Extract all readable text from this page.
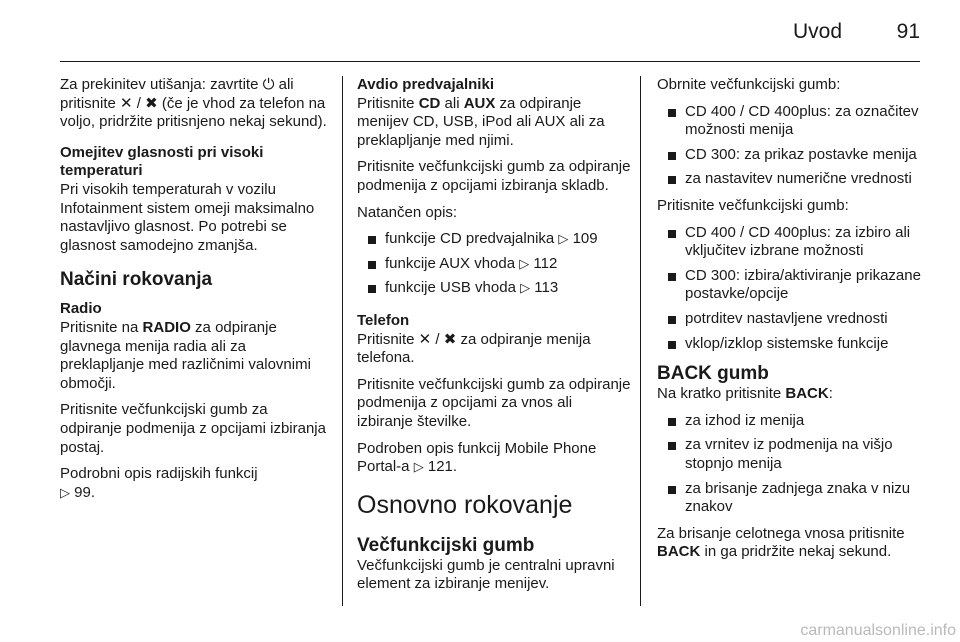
Uvod	91

Za prekinitev utišanja: zavrtite ⏻ ali pritisnite ✕ / ✖ (če je vhod za telefon na voljo, pridržite pritisnjeno nekaj sekund).

Omejitev glasnosti pri visoki temperaturi

Pri visokih temperaturah v vozilu Infotainment sistem omeji maksimalno nastavljivo glasnost. Po potrebi se glasnost samodejno zmanjša.

Načini rokovanja

Radio

Pritisnite na RADIO za odpiranje glavnega menija radia ali za preklapljanje med različnimi valovnimi območji.

Pritisnite večfunkcijski gumb za odpiranje podmenija z opcijami izbiranja postaj.

Podrobni opis radijskih funkcij
▷ 99.

Avdio predvajalniki

Pritisnite CD ali AUX za odpiranje menijev CD, USB, iPod ali AUX ali za preklapljanje med njimi.

Pritisnite večfunkcijski gumb za odpiranje podmenija z opcijami izbiranja skladb.

Natančen opis:

funkcije CD predvajalnika ▷ 109
funkcije AUX vhoda ▷ 112
funkcije USB vhoda ▷ 113

Telefon

Pritisnite ✕ / ✖ za odpiranje menija telefona.

Pritisnite večfunkcijski gumb za odpiranje podmenija z opcijami za vnos ali izbiranje številke.

Podroben opis funkcij Mobile Phone Portal-a ▷ 121.

Osnovno rokovanje
Večfunkcijski gumb

Večfunkcijski gumb je centralni upravni element za izbiranje menijev.

Obrnite večfunkcijski gumb:

CD 400 / CD 400plus: za označitev možnosti menija
CD 300: za prikaz postavke menija
za nastavitev numerične vrednosti

Pritisnite večfunkcijski gumb:

CD 400 / CD 400plus: za izbiro ali vključitev izbrane možnosti
CD 300: izbira/aktiviranje prikazane postavke/opcije
potrditev nastavljene vrednosti
vklop/izklop sistemske funkcije
BACK gumb

Na kratko pritisnite BACK:

za izhod iz menija
za vrnitev iz podmenija na višjo stopnjo menija
za brisanje zadnjega znaka v nizu znakov

Za brisanje celotnega vnosa pritisnite BACK in ga pridržite nekaj sekund.

carmanualsonline.info
